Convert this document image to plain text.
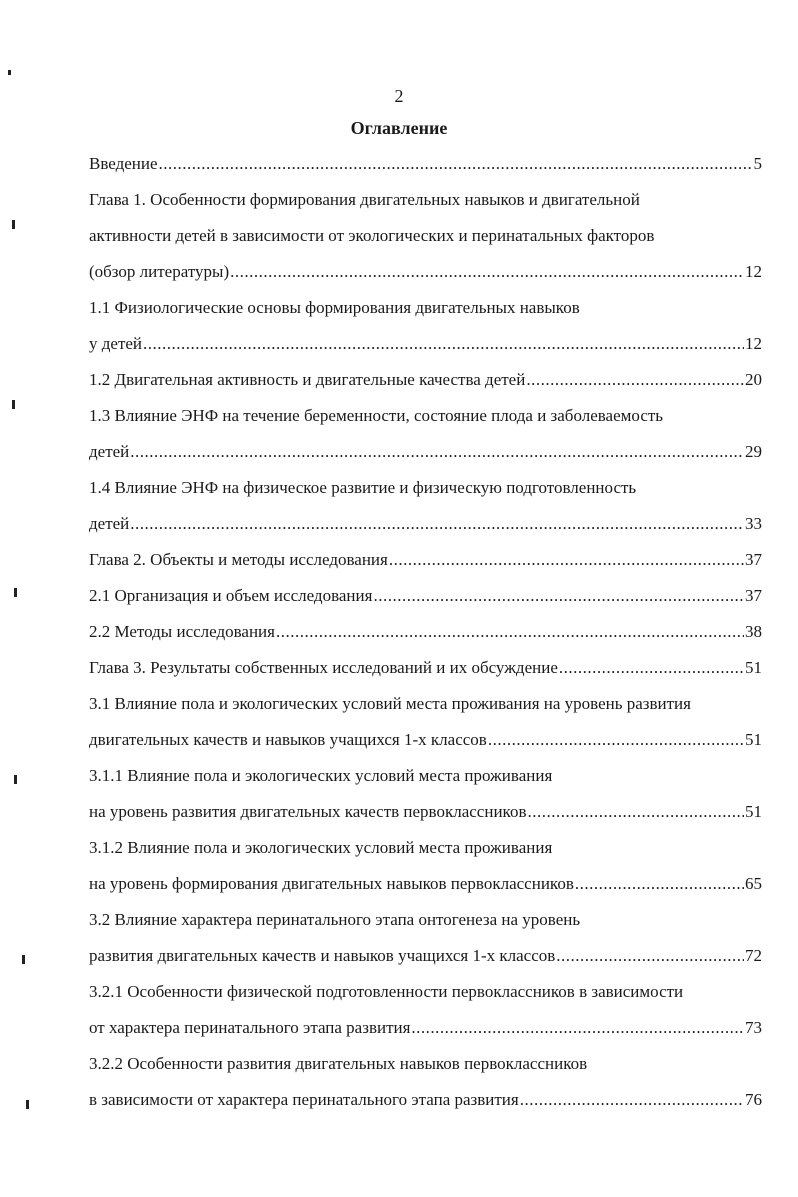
2
Оглавление
Введение .....	5
Глава 1. Особенности формирования двигательных навыков и двигательной
активности детей в зависимости от экологических и перинатальных факторов
(обзор литературы) .....	12
1.1 Физиологические основы формирования двигательных навыков
у детей .....	12
1.2 Двигательная активность и двигательные качества детей .....	20
1.3 Влияние ЭНФ на течение беременности, состояние плода и заболеваемость
детей .....	29
1.4 Влияние ЭНФ на физическое развитие и физическую подготовленность
детей .....	33
Глава 2. Объекты и методы исследования .....	37
2.1 Организация и объем исследования .....	37
2.2 Методы исследования .....	38
Глава 3. Результаты собственных исследований и их обсуждение .....	51
3.1 Влияние пола и экологических условий места проживания на уровень развития
двигательных качеств и навыков учащихся 1-х классов .....	51
3.1.1 Влияние пола и экологических условий места проживания
на уровень развития двигательных качеств первоклассников .....	51
3.1.2 Влияние пола и экологических условий места проживания
на уровень формирования двигательных навыков первоклассников .....	65
3.2 Влияние характера перинатального этапа онтогенеза на уровень
развития двигательных качеств и навыков учащихся 1-х классов .....	72
3.2.1 Особенности физической подготовленности первоклассников в зависимости
от характера перинатального этапа развития .....	73
3.2.2 Особенности развития двигательных навыков первоклассников
в зависимости от характера перинатального этапа развития .....	76
